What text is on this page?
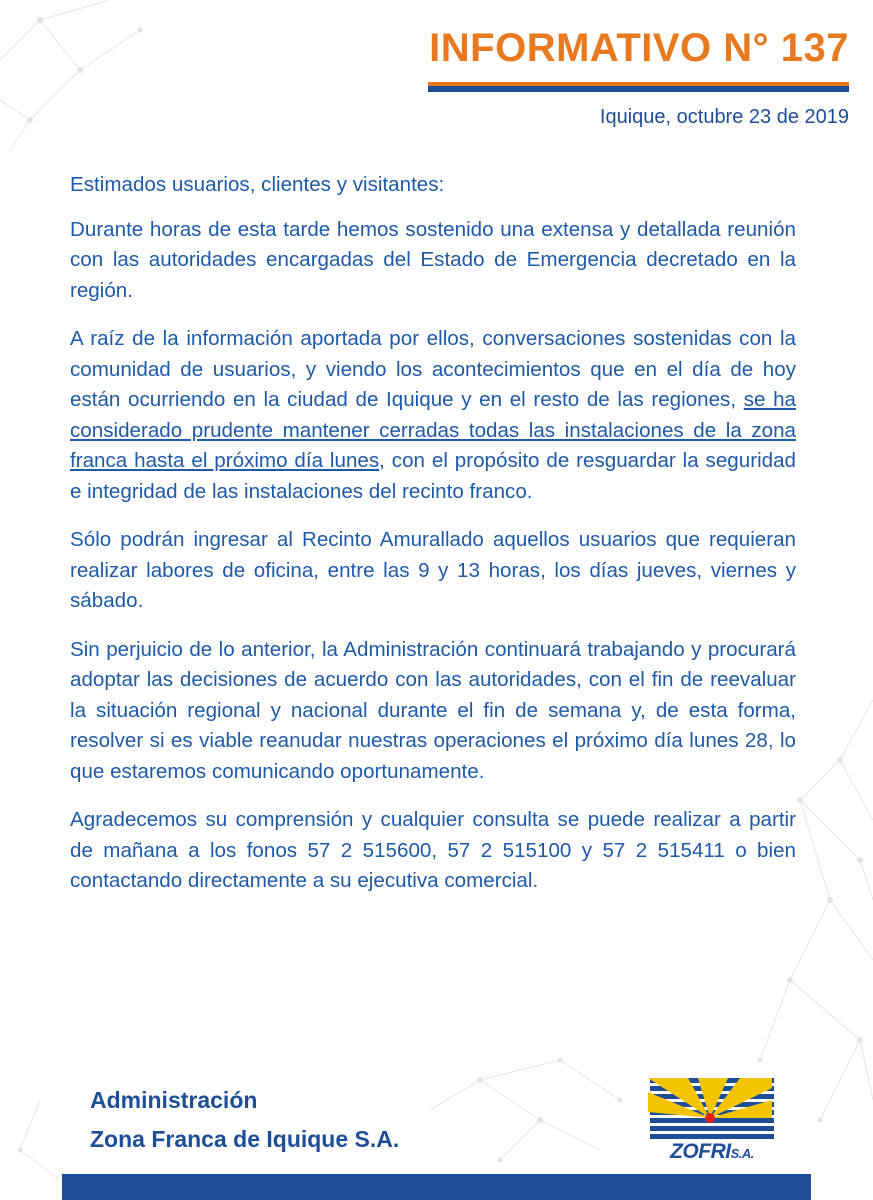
INFORMATIVO N° 137

Iquique, octubre 23 de 2019

Estimados usuarios, clientes y visitantes:

Durante horas de esta tarde hemos sostenido una extensa y detallada reunión con las autoridades encargadas del Estado de Emergencia decretado en la región.

A raíz de la información aportada por ellos, conversaciones sostenidas con la comunidad de usuarios, y viendo los acontecimientos que en el día de hoy están ocurriendo en la ciudad de Iquique y en el resto de las regiones, se ha considerado prudente mantener cerradas todas las instalaciones de la zona franca hasta el próximo día lunes, con el propósito de resguardar la seguridad e integridad de las instalaciones del recinto franco.

Sólo podrán ingresar al Recinto Amurallado aquellos usuarios que requieran realizar labores de oficina, entre las 9 y 13 horas, los días jueves, viernes y sábado.

Sin perjuicio de lo anterior, la Administración continuará trabajando y procurará adoptar las decisiones de acuerdo con las autoridades, con el fin de reevaluar la situación regional y nacional durante el fin de semana y, de esta forma, resolver si es viable reanudar nuestras operaciones el próximo día lunes 28, lo que estaremos comunicando oportunamente.

Agradecemos su comprensión y cualquier consulta se puede realizar a partir de mañana a los fonos 57 2 515600, 57 2 515100 y 57 2 515411 o bien contactando directamente a su ejecutiva comercial.

Administración
Zona Franca de Iquique S.A.	ZOFRIS.A.
